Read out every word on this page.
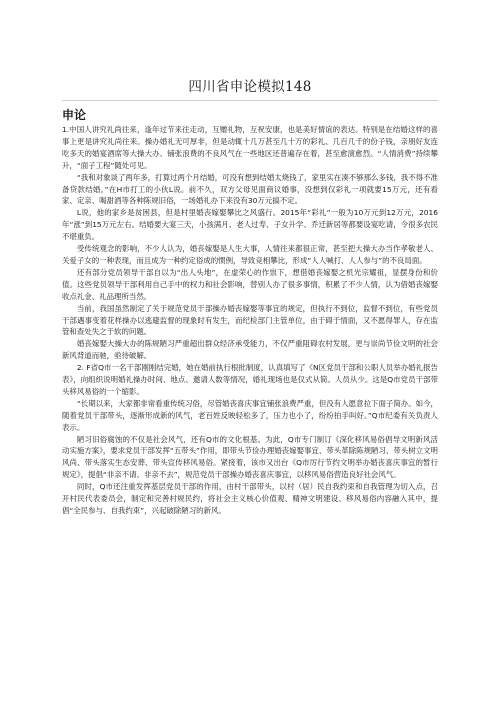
四川省申论模拟148
申论

1.中国人讲究礼尚往来，逢年过节来往走动，互赠礼物，互祝安康，也是美好情谊的表达。特别是在结婚这样的喜事上更是讲究礼尚往来。操办婚礼无可厚非，但是动辄十几万甚至几十万的彩礼、几百几千的份子钱，亲朋好友连吃多天的婚宴酒席等大操大办、铺张浪费的不良风气在一些地区还普遍存在着，甚至愈演愈烈。“人情消费”持续攀升，“面子工程”随处可见。

“我和对象谈了两年多，打算过两个月结婚，可没有想到结婚太烧钱了，家里实在凑不够那么多钱，我不得不准备贷款结婚。”在H市打工的小伙L说。前不久，双方父母见面商议婚事，没想到仅彩礼一项就要15万元，还有看家、定亲、喝甜酒等各种陈规旧俗，一场婚礼办下来没有30万元搞不定。

L说，他的家乡是贫困县，但是村里婚丧嫁娶攀比之风盛行。2015年“彩礼”一般为10万元到12万元，2016年“涨”到15万元左右。结婚要大宴三天，小孩满月、老人过寿、子女升学、乔迁新居等都要设宴吃请，令很多农民不堪重负。

受传统观念的影响，不少人认为，婚丧嫁娶是人生大事，人情往来都很正常，甚至把大操大办当作孝敬老人、关爱子女的一种表现，而且成为一种约定俗成的惯例，导致竞相攀比，形成“人人喊打、人人参与”的不良局面。

还有部分党员领导干部自以为“出人头地”，在虚荣心的作祟下，想借婚丧嫁娶之机光宗耀祖，显摆身份和价值。这些党员领导干部利用自己手中的权力和社会影响，替别人办了很多事情，积累了不少人情，认为借婚丧嫁娶收点礼金、礼品理所当然。

当前，我国虽然制定了关于规范党员干部操办婚丧嫁娶等事宜的规定，但执行不到位，监督不到位，有些党员干部遇事变着花样操办以逃避监督的现象时有发生，而纪检部门主管单位，由于碍于情面，又不愿得罪人，存在监管和查处失之于软的问题。

婚丧嫁娶大操大办的陈规陋习严重超出群众经济承受能力，不仅严重阻碍农村发展，更与崇尚节俭文明的社会新风背道而驰，亟待破解。

2. F省Q市一名干部刚刚结完婚，她在婚前执行根批制度，认真填写了《N区党员干部和公职人员举办婚礼报告表》，向组织说明婚礼操办时间、地点、邀请人数等情况，婚礼现场也是仅式从简。人员从少。这是Q市党员干部带头移风易俗的一个缩影。

“长期以来，大家都非常看重传统习俗，尽管婚丧喜庆事宜铺张浪费严重，但没有人愿意拉下面子简办。如今，随着党员干部带头，逐渐形成新的风气，老百姓反映轻松多了，压力也小了，纷纷拍手叫好。”Q市纪委有关负责人表示。

陋习旧俗腐蚀的不仅是社会风气，还有Q市的文化根基。为此，Q市专门制订《深化移风易俗倡导文明新风活动实施方案》，要求党员干部发挥“五带头”作用，即带头节俭办理婚丧嫁娶事宜、带头革除陈规陋习、带头树立文明风尚、带头落实生态安葬、带头宣传移风易俗。紧接着，该市又出台《Q市厉行节约文明举办婚丧喜庆事宜的暂行规定》，提倡“非亲不请、非亲不去”，规范党员干部操办婚丧喜庆事宜，以移风易俗营造良好社会风气。

同时，Q市还注重发挥基层党员干部的作用，由村干部带头，以村（居）民自我约束和自我管理为切入点，召开村民代表委员会，制定和完善村规民约，将社会主义核心价值观、精神文明建设、移风易俗内容融入其中，提倡“全民参与、自我约束”，兴起破除陋习的新风。
